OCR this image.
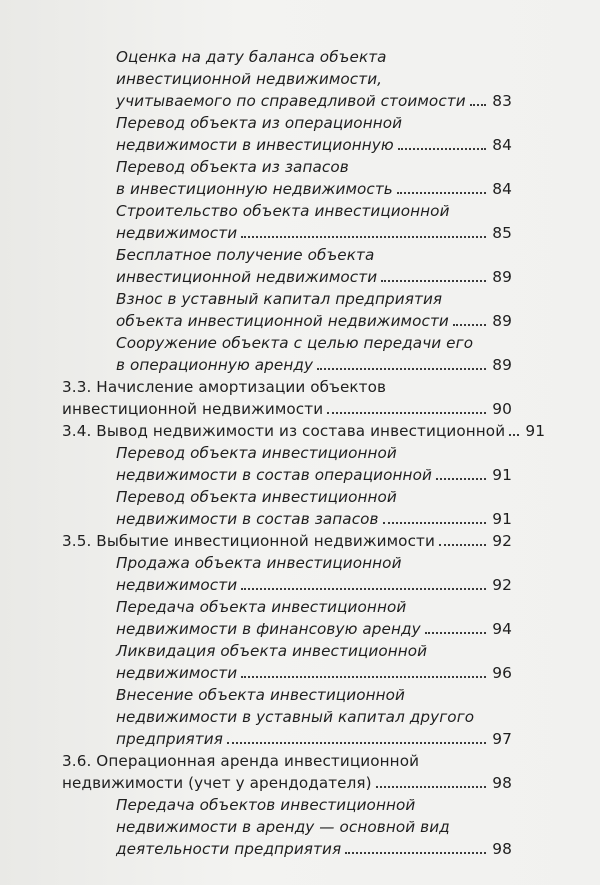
Оценка на дату баланса объекта
инвестиционной недвижимости,
учитываемого по справедливой стоимости 83
Перевод объекта из операционной
недвижимости в инвестиционную	84
Перевод объекта из запасов
в инвестиционную недвижимость	84
Строительство объекта инвестиционной
недвижимости	85
Бесплатное получение объекта
инвестиционной недвижимости	89
Взнос в уставный капитал предприятия
объекта инвестиционной недвижимости	89
Сооружение объекта с целью передачи его
в операционную аренду	89
3.3. Начисление амортизации объектов
инвестиционной недвижимости	90
3.4. Вывод недвижимости из состава инвестиционной 91
Перевод объекта инвестиционной
недвижимости в состав операционной	91
Перевод объекта инвестиционной
недвижимости в состав запасов	91
3.5. Выбытие инвестиционной недвижимости	92
Продажа объекта инвестиционной
недвижимости	92
Передача объекта инвестиционной
недвижимости в финансовую аренду	94
Ликвидация объекта инвестиционной
недвижимости	96
Внесение объекта инвестиционной
недвижимости в уставный капитал другого
предприятия	97
3.6. Операционная аренда инвестиционной
недвижимости (учет у арендодателя)	98
Передача объектов инвестиционной
недвижимости в аренду — основной вид
деятельности предприятия	98
